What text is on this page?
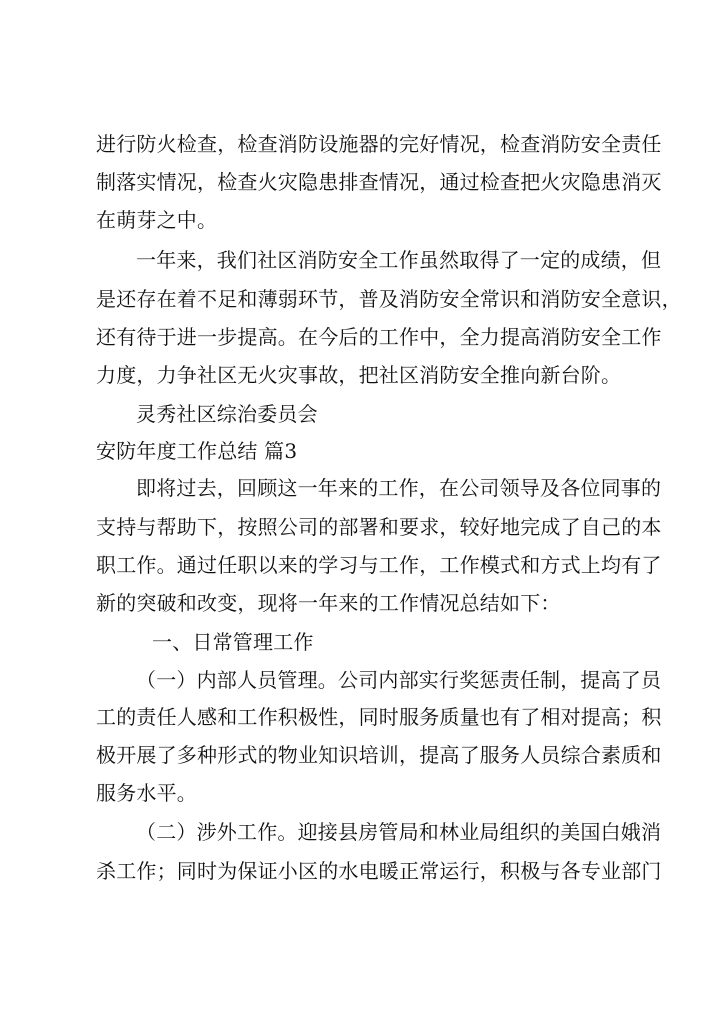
进行防火检查，检查消防设施器的完好情况，检查消防安全责任
制落实情况，检查火灾隐患排查情况，通过检查把火灾隐患消灭
在萌芽之中。
一年来，我们社区消防安全工作虽然取得了一定的成绩，但
是还存在着不足和薄弱环节，普及消防安全常识和消防安全意识，
还有待于进一步提高。在今后的工作中，全力提高消防安全工作
力度，力争社区无火灾事故，把社区消防安全推向新台阶。
灵秀社区综治委员会
安防年度工作总结 篇3
即将过去，回顾这一年来的工作，在公司领导及各位同事的
支持与帮助下，按照公司的部署和要求，较好地完成了自己的本
职工作。通过任职以来的学习与工作，工作模式和方式上均有了
新的突破和改变，现将一年来的工作情况总结如下：
一、日常管理工作
（一）内部人员管理。公司内部实行奖惩责任制，提高了员
工的责任人感和工作积极性，同时服务质量也有了相对提高；积
极开展了多种形式的物业知识培训，提高了服务人员综合素质和
服务水平。
（二）涉外工作。迎接县房管局和林业局组织的美国白娥消
杀工作；同时为保证小区的水电暖正常运行，积极与各专业部门
